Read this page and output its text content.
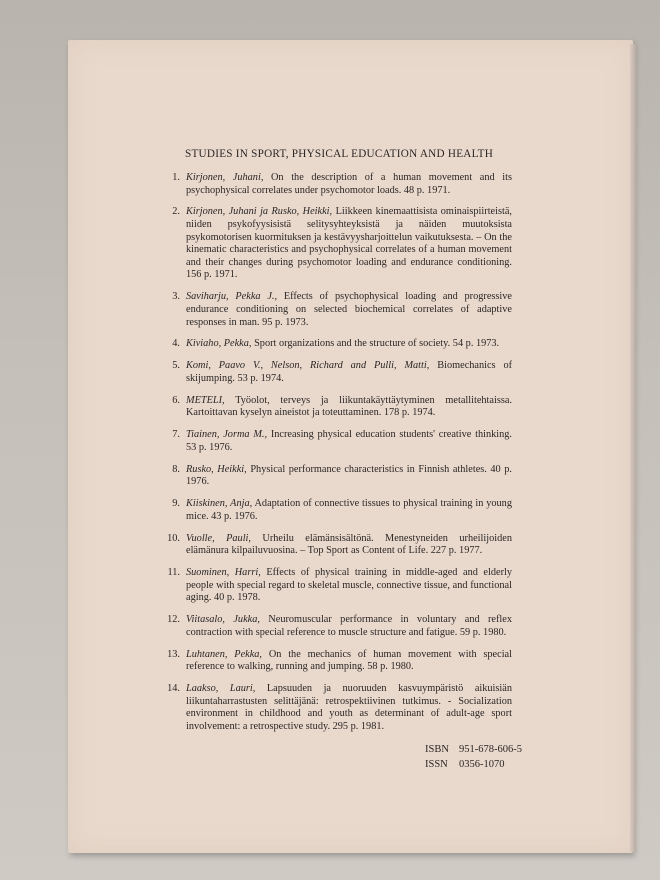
STUDIES IN SPORT, PHYSICAL EDUCATION AND HEALTH
1 . Kirjonen, Juhani, On the description of a human movement and its psychophysical correlates under psychomotor loads. 48 p. 1971.
2 . Kirjonen, Juhani ja Rusko, Heikki, Liikkeen kinemaattisista ominaispiirteistä, niiden psykofyysisistä selitysyhteyksistä ja näiden muutoksista psykomotorisen kuormituksen ja kestävyysharjoittelun vaikutuksesta. – On the kinematic characteristics and psychophysical correlates of a human movement and their changes during psychomotor loading and endurance conditioning. 156 p. 1971.
3 . Saviharju, Pekka J., Effects of psychophysical loading and progressive endurance conditioning on selected biochemical correlates of adaptive responses in man. 95 p. 1973.
4 . Kiviaho, Pekka, Sport organizations and the structure of society. 54 p. 1973.
5 . Komi, Paavo V., Nelson, Richard and Pulli, Matti, Biomechanics of skijumping. 53 p. 1974.
6 . METELI, Työolot, terveys ja liikuntakäyttäytyminen metallitehtaissa. Kartoittavan kyselyn aineistot ja toteuttaminen. 178 p. 1974.
7 . Tiainen, Jorma M., Increasing physical education students' creative thinking. 53 p. 1976.
8 . Rusko, Heikki, Physical performance characteristics in Finnish athletes. 40 p. 1976.
9 . Kiiskinen, Anja, Adaptation of connective tissues to physical training in young mice. 43 p. 1976.
10 . Vuolle, Pauli, Urheilu elämänsisältönä. Menestyneiden urheilijoiden elämänura kilpailuvuosina. – Top Sport as Content of Life. 227 p. 1977.
11 . Suominen, Harri, Effects of physical training in middle-aged and elderly people with special regard to skeletal muscle, connective tissue, and functional aging. 40 p. 1978.
12 . Viitasalo, Jukka, Neuromuscular performance in voluntary and reflex contraction with special reference to muscle structure and fatigue. 59 p. 1980.
13 . Luhtanen, Pekka, On the mechanics of human movement with special reference to walking, running and jumping. 58 p. 1980.
14 . Laakso, Lauri, Lapsuuden ja nuoruuden kasvuympäristö aikuisiän liikuntaharrastusten selittäjänä: retrospektiivinen tutkimus. - Socialization environment in childhood and youth as determinant of adult-age sport involvement: a retrospective study. 295 p. 1981.
ISBN 951-678-606-5
ISSN 0356-1070
